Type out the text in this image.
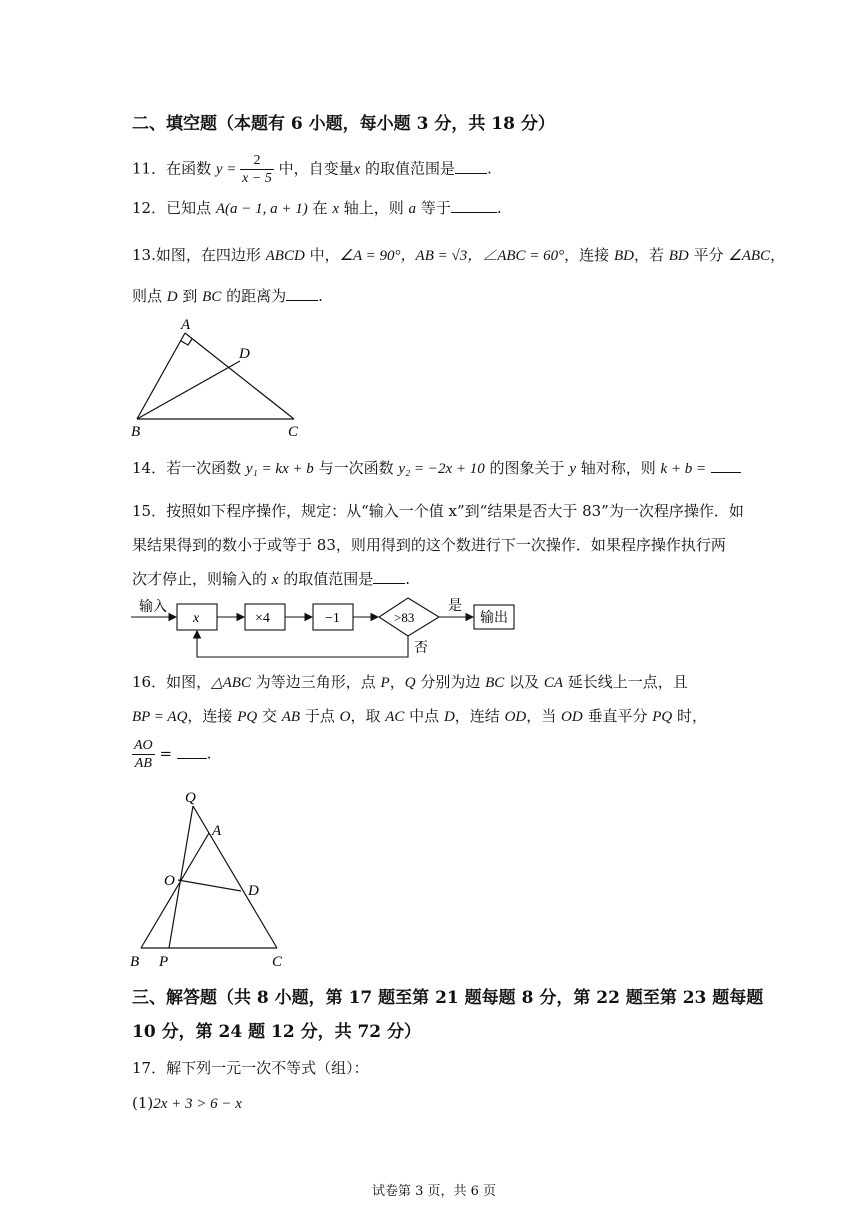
二、填空题（本题有 6 小题，每小题 3 分，共 18 分）
11．在函数 $y = \frac{2}{x - 5}$ 中，自变量x 的取值范围是 .
12．已知点 A(a − 1, a + 1) 在 x 轴上，则 a 等于	.
13.如图，在四边形 ABCD 中，∠A = 90°，AB = √3，∠ABC = 60°，连接 BD，若 BD 平分 ∠ABC，
则点 D 到 BC 的距离为 .
A
D
B	C
14．若一次函数 y₁ = kx + b 与一次函数 y₂ = −2x + 10 的图象关于 y 轴对称，则 k + b =
15．按照如下程序操作，规定：从“输入一个值 x”到“结果是否大于 83”为一次程序操作．如
果结果得到的数小于或等于 83，则用得到的这个数进行下一次操作．如果程序操作执行两
次才停止，则输入的 x 的取值范围是 .
输入
x	×4	−1	>83
是
否
输出
16．如图，△ABC 为等边三角形，点 P，Q 分别为边 BC 以及 CA 延长线上一点，且
BP = AQ，连接 PQ 交 AB 于点 O，取 AC 中点 D，连结 OD，当 OD 垂直平分 PQ 时，
$\frac{AO}{AB}$ = .
Q
A
O
D
B P	C
三、解答题（共 8 小题，第 17 题至第 21 题每题 8 分，第 22 题至第 23 题每题
10 分，第 24 题 12 分，共 72 分）
17．解下列一元一次不等式（组）：
(1)2x + 3 > 6 − x
试卷第 3 页，共 6 页
